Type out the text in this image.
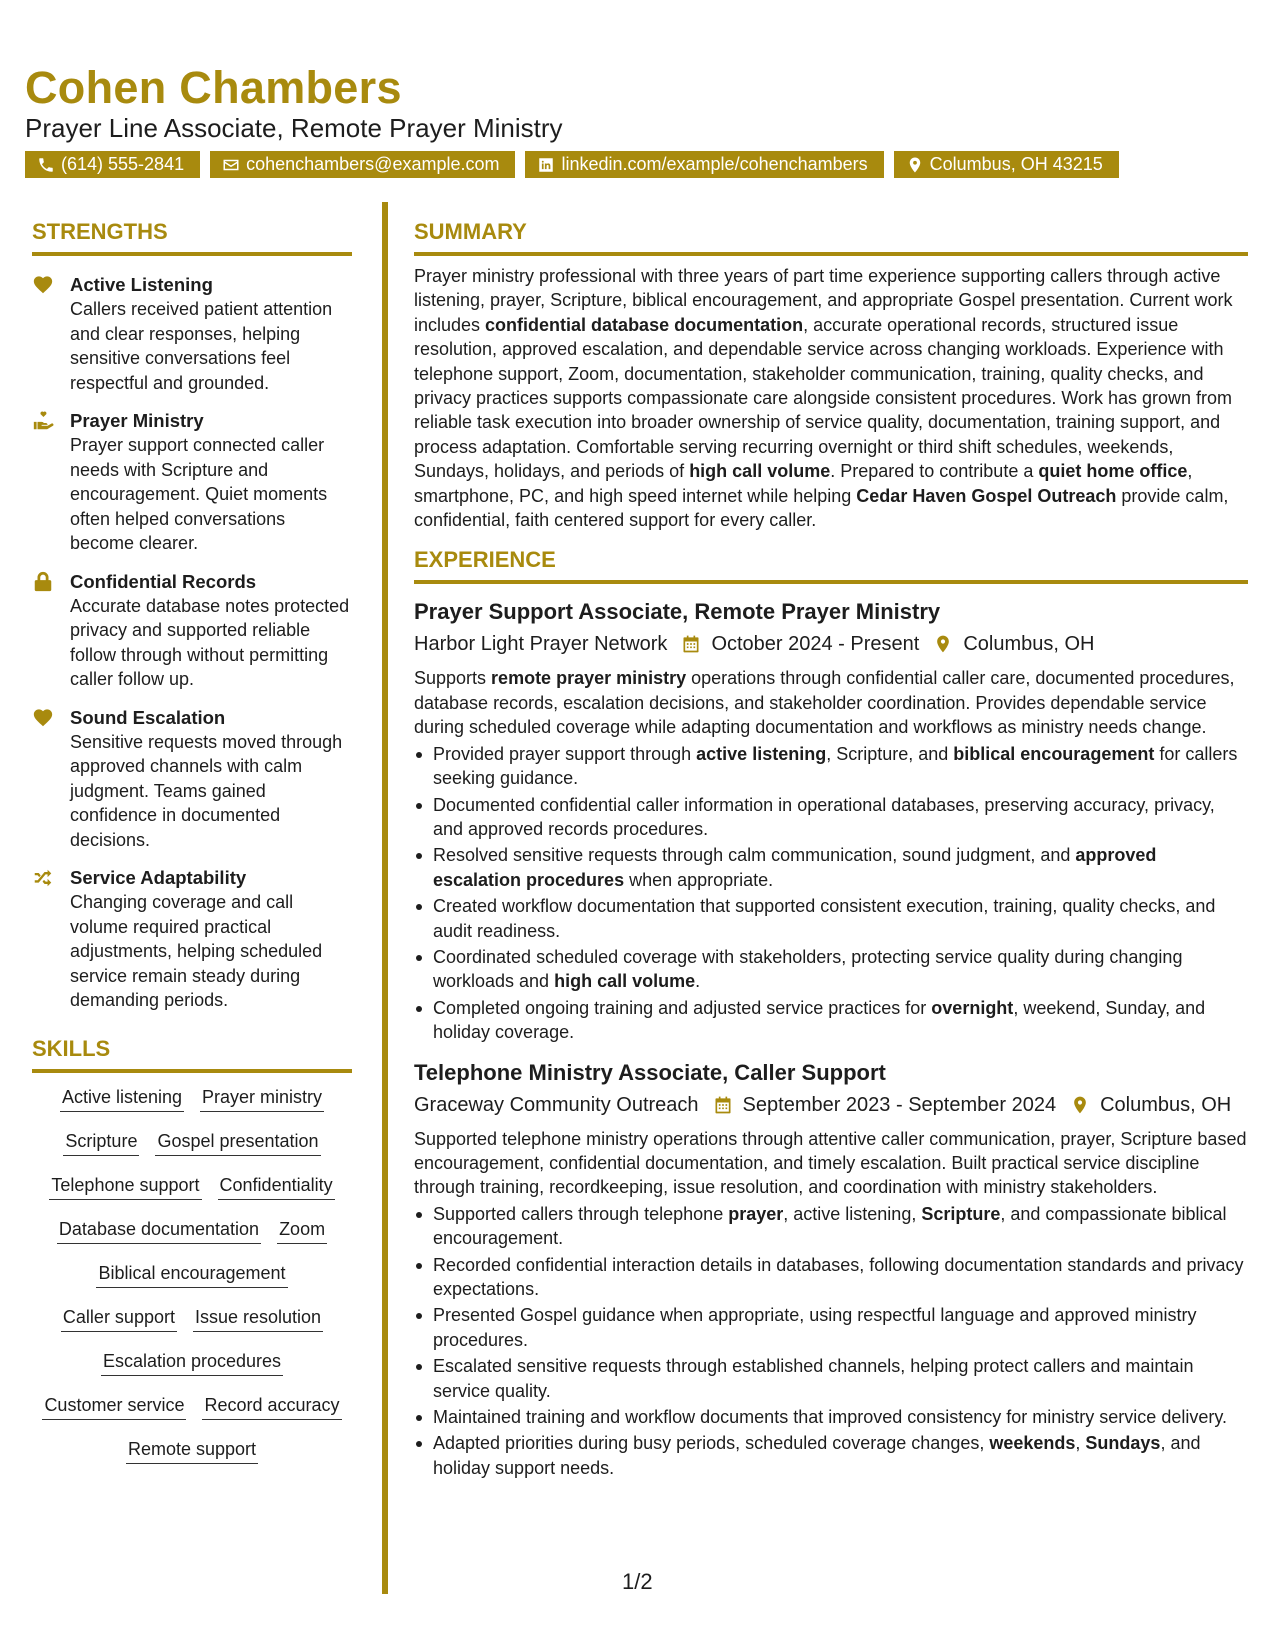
Cohen Chambers
Prayer Line Associate, Remote Prayer Ministry
(614) 555-2841	cohenchambers@example.com	linkedin.com/example/cohenchambers	Columbus, OH 43215
STRENGTHS
Active Listening
Callers received patient attention and clear responses, helping sensitive conversations feel respectful and grounded.
Prayer Ministry
Prayer support connected caller needs with Scripture and encouragement. Quiet moments often helped conversations become clearer.
Confidential Records
Accurate database notes protected privacy and supported reliable follow through without permitting caller follow up.
Sound Escalation
Sensitive requests moved through approved channels with calm judgment. Teams gained confidence in documented decisions.
Service Adaptability
Changing coverage and call volume required practical adjustments, helping scheduled service remain steady during demanding periods.
SKILLS
Active listening Prayer ministry
Scripture Gospel presentation
Telephone support Confidentiality
Database documentation Zoom
Biblical encouragement
Caller support Issue resolution
Escalation procedures
Customer service Record accuracy
Remote support
SUMMARY
Prayer ministry professional with three years of part time experience supporting callers through active listening, prayer, Scripture, biblical encouragement, and appropriate Gospel presentation. Current work includes confidential database documentation, accurate operational records, structured issue resolution, approved escalation, and dependable service across changing workloads. Experience with telephone support, Zoom, documentation, stakeholder communication, training, quality checks, and privacy practices supports compassionate care alongside consistent procedures. Work has grown from reliable task execution into broader ownership of service quality, documentation, training support, and process adaptation. Comfortable serving recurring overnight or third shift schedules, weekends, Sundays, holidays, and periods of high call volume. Prepared to contribute a quiet home office, smartphone, PC, and high speed internet while helping Cedar Haven Gospel Outreach provide calm, confidential, faith centered support for every caller.
EXPERIENCE
Prayer Support Associate, Remote Prayer Ministry
Harbor Light Prayer Network October 2024 - Present Columbus, OH
Supports remote prayer ministry operations through confidential caller care, documented procedures, database records, escalation decisions, and stakeholder coordination. Provides dependable service during scheduled coverage while adapting documentation and workflows as ministry needs change.
Provided prayer support through active listening, Scripture, and biblical encouragement for callers seeking guidance.
Documented confidential caller information in operational databases, preserving accuracy, privacy, and approved records procedures.
Resolved sensitive requests through calm communication, sound judgment, and approved escalation procedures when appropriate.
Created workflow documentation that supported consistent execution, training, quality checks, and audit readiness.
Coordinated scheduled coverage with stakeholders, protecting service quality during changing workloads and high call volume.
Completed ongoing training and adjusted service practices for overnight, weekend, Sunday, and holiday coverage.
Telephone Ministry Associate, Caller Support
Graceway Community Outreach September 2023 - September 2024 Columbus, OH
Supported telephone ministry operations through attentive caller communication, prayer, Scripture based encouragement, confidential documentation, and timely escalation. Built practical service discipline through training, recordkeeping, issue resolution, and coordination with ministry stakeholders.
Supported callers through telephone prayer, active listening, Scripture, and compassionate biblical encouragement.
Recorded confidential interaction details in databases, following documentation standards and privacy expectations.
Presented Gospel guidance when appropriate, using respectful language and approved ministry procedures.
Escalated sensitive requests through established channels, helping protect callers and maintain service quality.
Maintained training and workflow documents that improved consistency for ministry service delivery.
Adapted priorities during busy periods, scheduled coverage changes, weekends, Sundays, and holiday support needs.
1/2
